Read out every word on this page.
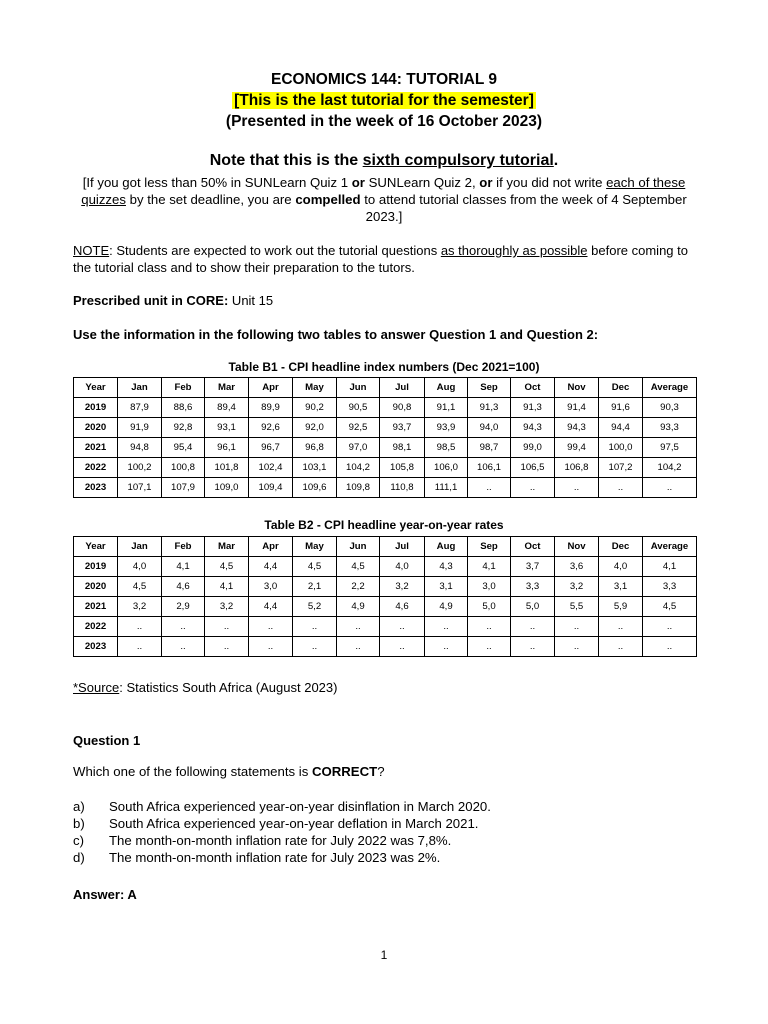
ECONOMICS 144: TUTORIAL 9
[This is the last tutorial for the semester]
(Presented in the week of 16 October 2023)
Note that this is the sixth compulsory tutorial.
[If you got less than 50% in SUNLearn Quiz 1 or SUNLearn Quiz 2, or if you did not write each of these quizzes by the set deadline, you are compelled to attend tutorial classes from the week of 4 September 2023.]
NOTE: Students are expected to work out the tutorial questions as thoroughly as possible before coming to the tutorial class and to show their preparation to the tutors.
Prescribed unit in CORE: Unit 15
Use the information in the following two tables to answer Question 1 and Question 2:
Table B1 - CPI headline index numbers (Dec 2021=100)
Year	Jan	Feb	Mar	Apr	May	Jun	Jul	Aug	Sep	Oct	Nov	Dec	Average
2019	87,9	88,6	89,4	89,9	90,2	90,5	90,8	91,1	91,3	91,3	91,4	91,6	90,3
2020	91,9	92,8	93,1	92,6	92,0	92,5	93,7	93,9	94,0	94,3	94,3	94,4	93,3
2021	94,8	95,4	96,1	96,7	96,8	97,0	98,1	98,5	98,7	99,0	99,4	100,0	97,5
2022	100,2	100,8	101,8	102,4	103,1	104,2	105,8	106,0	106,1	106,5	106,8	107,2	104,2
2023	107,1	107,9	109,0	109,4	109,6	109,8	110,8	111,1	..	..	..	..	..
Table B2 - CPI headline year-on-year rates
Year	Jan	Feb	Mar	Apr	May	Jun	Jul	Aug	Sep	Oct	Nov	Dec	Average
2019	4,0	4,1	4,5	4,4	4,5	4,5	4,0	4,3	4,1	3,7	3,6	4,0	4,1
2020	4,5	4,6	4,1	3,0	2,1	2,2	3,2	3,1	3,0	3,3	3,2	3,1	3,3
2021	3,2	2,9	3,2	4,4	5,2	4,9	4,6	4,9	5,0	5,0	5,5	5,9	4,5
2022	..	..	..	..	..	..	..	..	..	..	..	..	..
2023	..	..	..	..	..	..	..	..	..	..	..	..	..
*Source: Statistics South Africa (August 2023)
Question 1
Which one of the following statements is CORRECT?
a)	South Africa experienced year-on-year disinflation in March 2020.
b)	South Africa experienced year-on-year deflation in March 2021.
c)	The month-on-month inflation rate for July 2022 was 7,8%.
d)	The month-on-month inflation rate for July 2023 was 2%.
Answer: A
1
